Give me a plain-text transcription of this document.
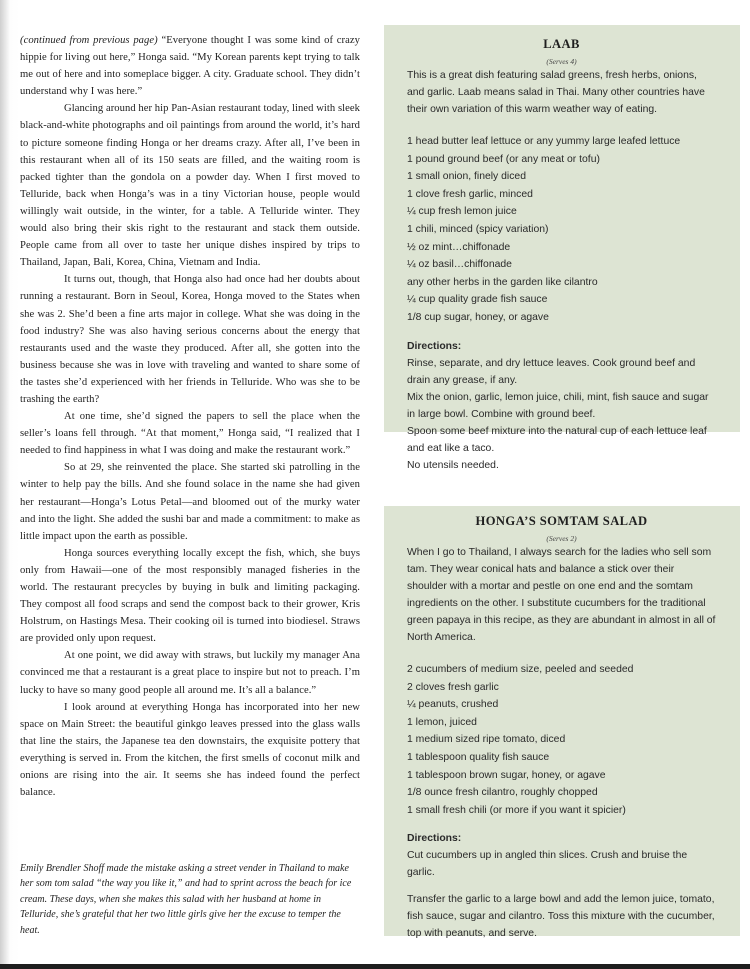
(continued from previous page) “Everyone thought I was some kind of crazy hippie for living out here,” Honga said. “My Korean parents kept trying to talk me out of here and into someplace bigger. A city. Graduate school. They didn’t understand why I was here.”

Glancing around her hip Pan-Asian restaurant today, lined with sleek black-and-white photographs and oil paintings from around the world, it’s hard to picture someone finding Honga or her dreams crazy. After all, I’ve been in this restaurant when all of its 150 seats are filled, and the waiting room is packed tighter than the gondola on a powder day. When I first moved to Telluride, back when Honga’s was in a tiny Victorian house, people would willingly wait outside, in the winter, for a table. A Telluride winter. They would also bring their skis right to the restaurant and stack them outside. People came from all over to taste her unique dishes inspired by trips to Thailand, Japan, Bali, Korea, China, Vietnam and India.

It turns out, though, that Honga also had once had her doubts about running a restaurant. Born in Seoul, Korea, Honga moved to the States when she was 2. She’d been a fine arts major in college. What she was doing in the food industry? She was also having serious concerns about the energy that restaurants used and the waste they produced. After all, she gotten into the business because she was in love with traveling and wanted to share some of the tastes she’d experienced with her friends in Telluride. Who was she to be trashing the earth?

At one time, she’d signed the papers to sell the place when the seller’s loans fell through. “At that moment,” Honga said, “I realized that I needed to find happiness in what I was doing and make the restaurant work.”

So at 29, she reinvented the place. She started ski patrolling in the winter to help pay the bills. And she found solace in the name she had given her restaurant—Honga’s Lotus Petal—and bloomed out of the murky water and into the light. She added the sushi bar and made a commitment: to make as little impact upon the earth as possible.

Honga sources everything locally except the fish, which, she buys only from Hawaii—one of the most responsibly managed fisheries in the world. The restaurant precycles by buying in bulk and limiting packaging. They compost all food scraps and send the compost back to their grower, Kris Holstrum, on Hastings Mesa. Their cooking oil is turned into biodiesel. Straws are provided only upon request.

At one point, we did away with straws, but luckily my manager Ana convinced me that a restaurant is a great place to inspire but not to preach. I’m lucky to have so many good people all around me. It’s all a balance.”

I look around at everything Honga has incorporated into her new space on Main Street: the beautiful ginkgo leaves pressed into the glass walls that line the stairs, the Japanese tea den downstairs, the exquisite pottery that everything is served in. From the kitchen, the first smells of coconut milk and onions are rising into the air. It seems she has indeed found the perfect balance.

Emily Brendler Shoff made the mistake asking a street vender in Thailand to make her som tom salad “the way you like it,” and had to sprint across the beach for ice cream. These days, when she makes this salad with her husband at home in Telluride, she’s grateful that her two little girls give her the excuse to temper the heat.

LAAB
(Serves 4)

This is a great dish featuring salad greens, fresh herbs, onions, and garlic. Laab means salad in Thai. Many other countries have their own variation of this warm weather way of eating.

1 head butter leaf lettuce or any yummy large leafed lettuce
1 pound ground beef (or any meat or tofu)
1 small onion, finely diced
1 clove fresh garlic, minced
¼ cup fresh lemon juice
1 chili, minced (spicy variation)
½ oz mint…chiffonade
¼ oz basil…chiffonade
any other herbs in the garden like cilantro
¼ cup quality grade fish sauce
1/8 cup sugar, honey, or agave
Directions:

Rinse, separate, and dry lettuce leaves. Cook ground beef and drain any grease, if any.

Mix the onion, garlic, lemon juice, chili, mint, fish sauce and sugar in large bowl. Combine with ground beef.

Spoon some beef mixture into the natural cup of each lettuce leaf and eat like a taco.

No utensils needed.

HONGA’S SOMTAM SALAD
(Serves 2)

When I go to Thailand, I always search for the ladies who sell som tam. They wear conical hats and balance a stick over their shoulder with a mortar and pestle on one end and the somtam ingredients on the other. I substitute cucumbers for the traditional green papaya in this recipe, as they are abundant in almost in all of North America.

2 cucumbers of medium size, peeled and seeded
2 cloves fresh garlic
¼ peanuts, crushed
1 lemon, juiced
1 medium sized ripe tomato, diced
1 tablespoon quality fish sauce
1 tablespoon brown sugar, honey, or agave
1/8 ounce fresh cilantro, roughly chopped
1 small fresh chili (or more if you want it spicier)
Directions:

Cut cucumbers up in angled thin slices. Crush and bruise the garlic.

Transfer the garlic to a large bowl and add the lemon juice, tomato, fish sauce, sugar and cilantro. Toss this mixture with the cucumber, top with peanuts, and serve.
